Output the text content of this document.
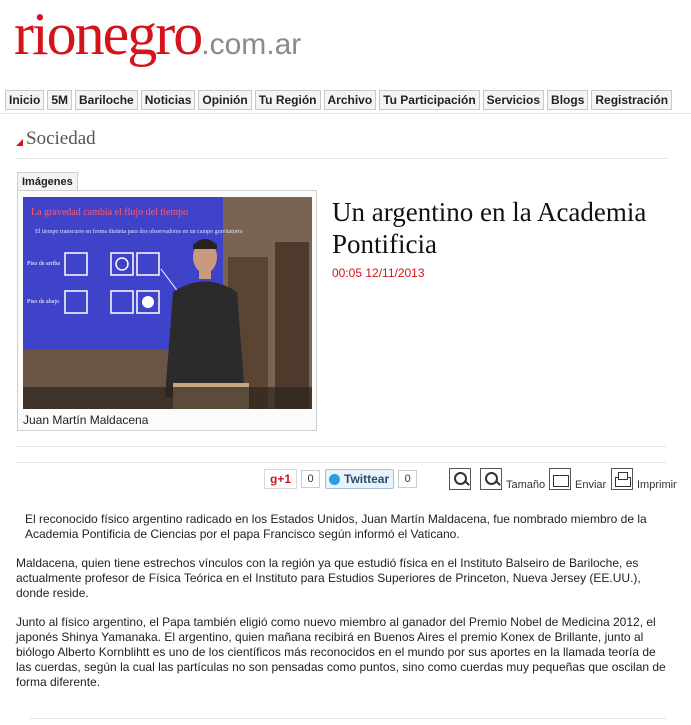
rionegro.com.ar
Inicio 5M Bariloche Noticias Opinión Tu Región Archivo Tu Participación Servicios Blogs Registración
Sociedad
Imágenes
La gravedad cambia el flujo del tiempo
El tiempo transcurre en forma distinta para dos observadores en un campo gravitatorio
Piso de arriba
Piso de abajo
Juan Martín Maldacena
Un argentino en la Academia Pontificia
00:05 12/11/2013
g+1	0	Twittear	0	Tamaño	Enviar	Imprimir

El reconocido físico argentino radicado en los Estados Unidos, Juan Martín Maldacena, fue nombrado miembro de la Academia Pontificia de Ciencias por el papa Francisco según informó el Vaticano.

Maldacena, quien tiene estrechos vínculos con la región ya que estudió física en el Instituto Balseiro de Bariloche, es actualmente profesor de Física Teórica en el Instituto para Estudios Superiores de Princeton, Nueva Jersey (EE.UU.), donde reside.

Junto al físico argentino, el Papa también eligió como nuevo miembro al ganador del Premio Nobel de Medicina 2012, el japonés Shinya Yamanaka. El argentino, quien mañana recibirá en Buenos Aires el premio Konex de Brillante, junto al biólogo Alberto Kornblihtt es uno de los científicos más reconocidos en el mundo por sus aportes en la llamada teoría de las cuerdas, según la cual las partículas no son pensadas como puntos, sino como cuerdas muy pequeñas que oscilan de forma diferente.
